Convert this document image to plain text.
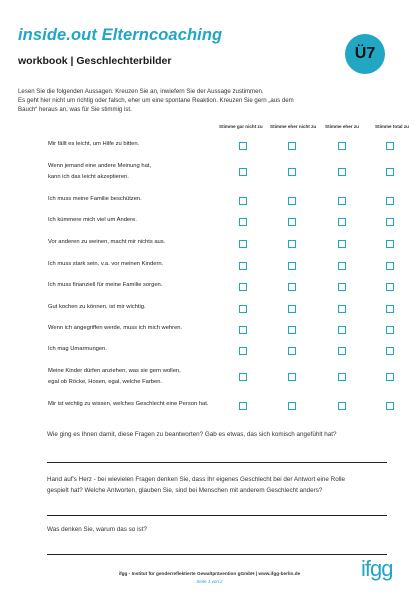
inside.out Elterncoaching
workbook | Geschlechterbilder	Ü7
Lesen Sie die folgenden Aussagen. Kreuzen Sie an, inwiefern Sie der Aussage zustimmen.
Es geht hier nicht um richtig oder falsch, eher um eine spontane Reaktion. Kreuzen Sie gern „aus dem
Bauch“ heraus an, was für Sie stimmig ist.
Stimme gar nicht zu Stimme eher nicht zu Stimme eher zu	Stimme total zu
Mir fällt es leicht, um Hilfe zu bitten.
Wenn jemand eine andere Meinung hat,
kann ich das leicht akzeptieren.
Ich muss meine Familie beschützen.
Ich kümmere mich viel um Andere.
Vor anderen zu weinen, macht mir nichts aus.
Ich muss stark sein, v.a. vor meinen Kindern.
Ich muss finanziell für meine Familie sorgen.
Gut kochen zu können, ist mir wichtig.
Wenn ich angegriffen werde, muss ich mich wehren.
Ich mag Umarmungen.
Meine Kinder dürfen anziehen, was sie gern wollen,
egal ob Röcke, Hosen, egal, welche Farben.
Mir ist wichtig zu wissen, welches Geschlecht eine Person hat.
Wie ging es Ihnen damit, diese Fragen zu beantworten? Gab es etwas, das sich komisch angefühlt hat?
Hand auf's Herz - bei wievielen Fragen denken Sie, dass Ihr eigenes Geschlecht bei der Antwort eine Rolle
gespielt hat? Welche Antworten, glauben Sie, sind bei Menschen mit anderem Geschlecht anders?
Was denken Sie, warum das so ist?
ifgg - Institut für genderreflektierte Gewaltprävention gGmbH | www.ifgg-berlin.de
Seite 1 von 2
ifgg
